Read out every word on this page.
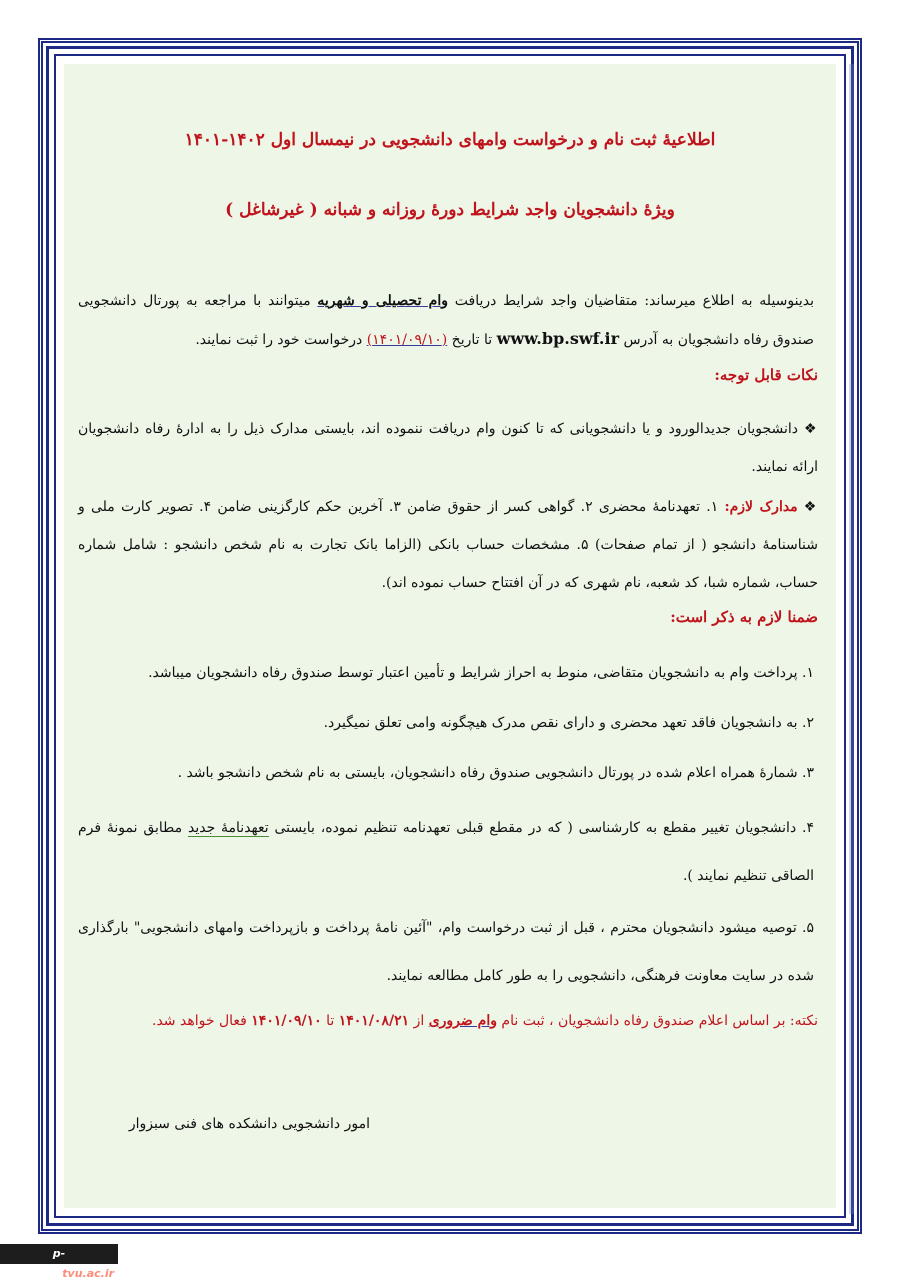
اطلاعیۀ ثبت نام و درخواست وامهای دانشجویی در نیمسال اول ۱۴۰۲-۱۴۰۱
ویژۀ دانشجویان واجد شرایط دورۀ روزانه و شبانه ( غیرشاغل )
بدینوسیله به اطلاع میرساند: متقاضیان واجد شرایط دریافت وام تحصیلی و شهریه میتوانند با مراجعه به پورتال دانشجویی صندوق رفاه دانشجویان به آدرس www.bp.swf.ir تا تاریخ (۱۴۰۱/۰۹/۱۰) درخواست خود را ثبت نمایند.
نکات قابل توجه:
❖دانشجویان جدیدالورود و یا دانشجویانی که تا کنون وام دریافت ننموده اند، بایستی مدارک ذیل را به ادارۀ رفاه دانشجویان ارائه نمایند.
❖مدارک لازم: ۱. تعهدنامۀ محضری ۲. گواهی کسر از حقوق ضامن ۳. آخرین حکم کارگزینی ضامن ۴. تصویر کارت ملی و شناسنامۀ دانشجو ( از تمام صفحات) ۵. مشخصات حساب بانکی (الزاما بانک تجارت به نام شخص دانشجو : شامل شماره حساب، شماره شبا، کد شعبه، نام شهری که در آن افتتاح حساب نموده اند).
ضمنا لازم به ذکر است:
۱. پرداخت وام به دانشجویان متقاضی، منوط به احراز شرایط و تأمین اعتبار توسط صندوق رفاه دانشجویان میباشد.
۲. به دانشجویان فاقد تعهد محضری و دارای نقص مدرک هیچگونه وامی تعلق نمیگیرد.
۳. شمارۀ همراه اعلام شده در پورتال دانشجویی صندوق رفاه دانشجویان، بایستی به نام شخص دانشجو باشد .
۴. دانشجویان تغییر مقطع به کارشناسی ( که در مقطع قبلی تعهدنامه تنظیم نموده، بایستی تعهدنامۀ جدید مطابق نمونۀ فرم الصاقی تنظیم نمایند ).
۵. توصیه میشود دانشجویان محترم ، قبل از ثبت درخواست وام، "آئین نامۀ پرداخت و بازپرداخت وامهای دانشجویی" بارگذاری شده در سایت معاونت فرهنگی، دانشجویی را به طور کامل مطالعه نمایند.
نکته: بر اساس اعلام صندوق رفاه دانشجویان ، ثبت نام وام ضروری از ۱۴۰۱/۰۸/۲۱ تا ۱۴۰۱/۰۹/۱۰ فعال خواهد شد.
امور دانشجویی دانشکده های فنی سبزوار
p-sabzevar.tvu.ac.ir
